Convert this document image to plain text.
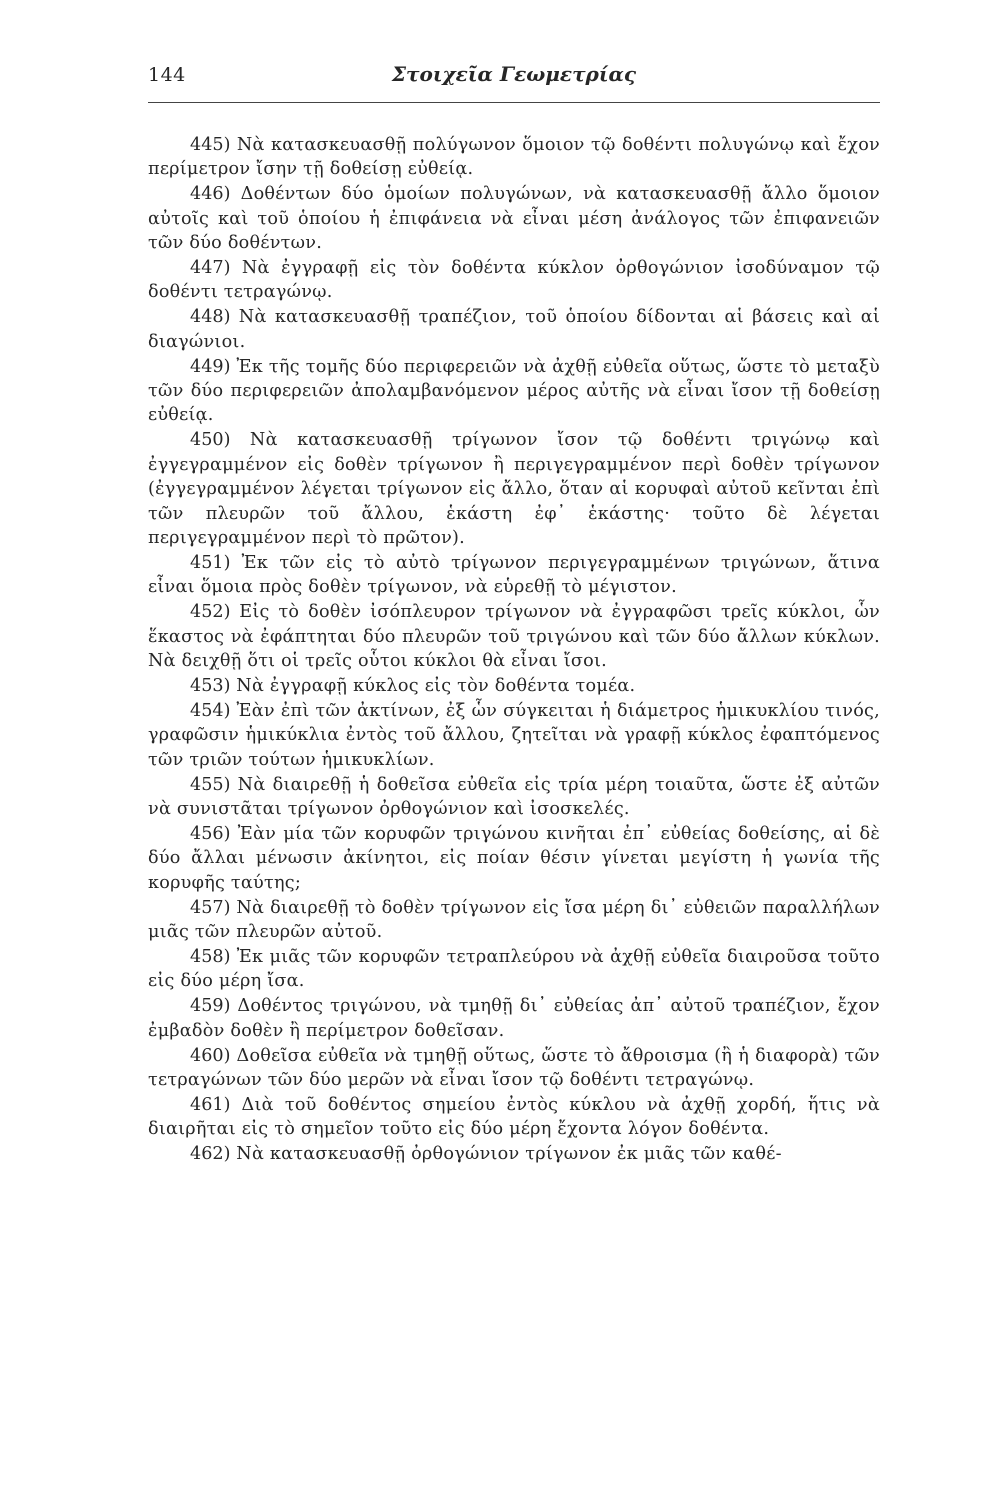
144	Στοιχεῖα Γεωμετρίας

445) Νὰ κατασκευασθῇ πολύγωνον ὅμοιον τῷ δοθέντι πολυγώνῳ καὶ ἔχον περίμετρον ἴσην τῇ δοθείσῃ εὐθείᾳ.

446) Δοθέντων δύο ὁμοίων πολυγώνων, νὰ κατασκευασθῇ ἄλλο ὅμοιον αὐτοῖς καὶ τοῦ ὁποίου ἡ ἐπιφάνεια νὰ εἶναι μέση ἀνάλογος τῶν ἐπιφανειῶν τῶν δύο δοθέντων.

447) Νὰ ἐγγραφῇ εἰς τὸν δοθέντα κύκλον ὀρθογώνιον ἰσοδύναμον τῷ δοθέντι τετραγώνῳ.

448) Νὰ κατασκευασθῇ τραπέζιον, τοῦ ὁποίου δίδονται αἱ βάσεις καὶ αἱ διαγώνιοι.

449) Ἐκ τῆς τομῆς δύο περιφερειῶν νὰ ἀχθῇ εὐθεῖα οὕτως, ὥστε τὸ μεταξὺ τῶν δύο περιφερειῶν ἀπολαμβανόμενον μέρος αὐτῆς νὰ εἶναι ἴσον τῇ δοθείσῃ εὐθείᾳ.

450) Νὰ κατασκευασθῇ τρίγωνον ἴσον τῷ δοθέντι τριγώνῳ καὶ ἐγγεγραμμένον εἰς δοθὲν τρίγωνον ἢ περιγεγραμμένον περὶ δοθὲν τρίγωνον (ἐγγεγραμμένον λέγεται τρίγωνον εἰς ἄλλο, ὅταν αἱ κορυφαὶ αὐτοῦ κεῖνται ἐπὶ τῶν πλευρῶν τοῦ ἄλλου, ἑκάστη ἐφ᾿ ἑκάστης· τοῦτο δὲ λέγεται περιγεγραμμένον περὶ τὸ πρῶτον).

451) Ἐκ τῶν εἰς τὸ αὐτὸ τρίγωνον περιγεγραμμένων τριγώνων, ἅτινα εἶναι ὅμοια πρὸς δοθὲν τρίγωνον, νὰ εὑρεθῇ τὸ μέγιστον.

452) Εἰς τὸ δοθὲν ἰσόπλευρον τρίγωνον νὰ ἐγγραφῶσι τρεῖς κύκλοι, ὧν ἕκαστος νὰ ἐφάπτηται δύο πλευρῶν τοῦ τριγώνου καὶ τῶν δύο ἄλλων κύκλων. Νὰ δειχθῇ ὅτι οἱ τρεῖς οὗτοι κύκλοι θὰ εἶναι ἴσοι.

453) Νὰ ἐγγραφῇ κύκλος εἰς τὸν δοθέντα τομέα.

454) Ἐὰν ἐπὶ τῶν ἀκτίνων, ἐξ ὧν σύγκειται ἡ διάμετρος ἡμικυκλίου τινός, γραφῶσιν ἡμικύκλια ἐντὸς τοῦ ἄλλου, ζητεῖται νὰ γραφῇ κύκλος ἐφαπτόμενος τῶν τριῶν τούτων ἡμικυκλίων.

455) Νὰ διαιρεθῇ ἡ δοθεῖσα εὐθεῖα εἰς τρία μέρη τοιαῦτα, ὥστε ἐξ αὐτῶν νὰ συνιστᾶται τρίγωνον ὀρθογώνιον καὶ ἰσοσκελές.

456) Ἐὰν μία τῶν κορυφῶν τριγώνου κινῆται ἐπ᾿ εὐθείας δοθείσης, αἱ δὲ δύο ἄλλαι μένωσιν ἀκίνητοι, εἰς ποίαν θέσιν γίνεται μεγίστη ἡ γωνία τῆς κορυφῆς ταύτης;

457) Νὰ διαιρεθῇ τὸ δοθὲν τρίγωνον εἰς ἴσα μέρη δι᾿ εὐθειῶν παραλλήλων μιᾶς τῶν πλευρῶν αὐτοῦ.

458) Ἐκ μιᾶς τῶν κορυφῶν τετραπλεύρου νὰ ἀχθῇ εὐθεῖα διαιροῦσα τοῦτο εἰς δύο μέρη ἴσα.

459) Δοθέντος τριγώνου, νὰ τμηθῇ δι᾿ εὐθείας ἀπ᾿ αὐτοῦ τραπέζιον, ἔχον ἐμβαδὸν δοθὲν ἢ περίμετρον δοθεῖσαν.

460) Δοθεῖσα εὐθεῖα νὰ τμηθῇ οὕτως, ὥστε τὸ ἄθροισμα (ἢ ἡ διαφορὰ) τῶν τετραγώνων τῶν δύο μερῶν νὰ εἶναι ἴσον τῷ δοθέντι τετραγώνῳ.

461) Διὰ τοῦ δοθέντος σημείου ἐντὸς κύκλου νὰ ἀχθῇ χορδή, ἥτις νὰ διαιρῆται εἰς τὸ σημεῖον τοῦτο εἰς δύο μέρη ἔχοντα λόγον δοθέντα.

462) Νὰ κατασκευασθῇ ὀρθογώνιον τρίγωνον ἐκ μιᾶς τῶν καθέ-
